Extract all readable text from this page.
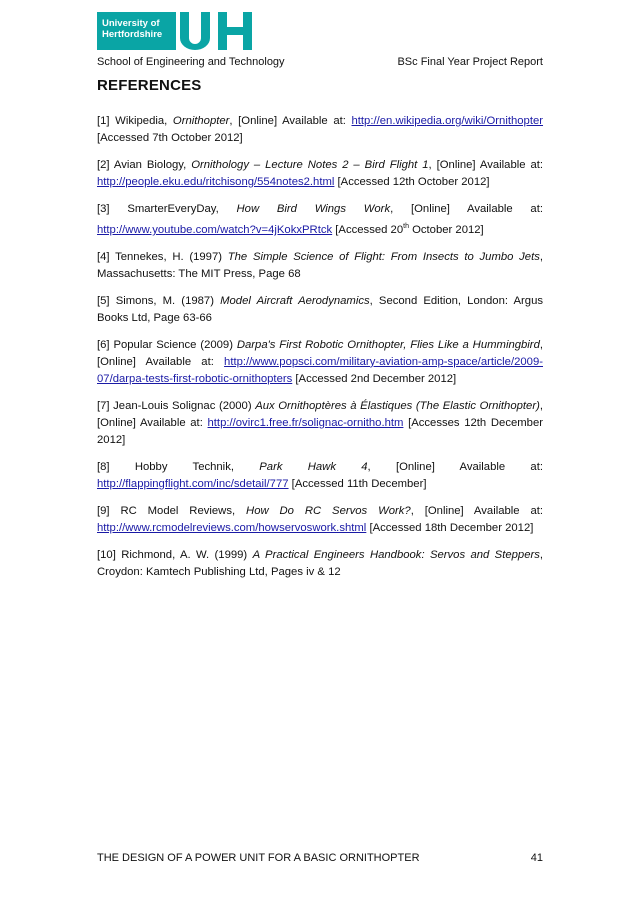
University of
Hertfordshire
School of Engineering and Technology	BSc Final Year Project Report
REFERENCES

[1] Wikipedia, Ornithopter, [Online] Available at: http://en.wikipedia.org/wiki/Ornithopter [Accessed 7th October 2012]

[2] Avian Biology, Ornithology – Lecture Notes 2 – Bird Flight 1, [Online] Available at: http://people.eku.edu/ritchisong/554notes2.html [Accessed 12th October 2012]

[3] SmarterEveryDay, How Bird Wings Work, [Online] Available at: http://www.youtube.com/watch?v=4jKokxPRtck [Accessed 20th October 2012]

[4] Tennekes, H. (1997) The Simple Science of Flight: From Insects to Jumbo Jets, Massachusetts: The MIT Press, Page 68

[5] Simons, M. (1987) Model Aircraft Aerodynamics, Second Edition, London: Argus Books Ltd, Page 63-66

[6] Popular Science (2009) Darpa's First Robotic Ornithopter, Flies Like a Hummingbird, [Online] Available at: http://www.popsci.com/military-aviation-amp-space/article/2009-07/darpa-tests-first-robotic-ornithopters [Accessed 2nd December 2012]

[7] Jean-Louis Solignac (2000) Aux Ornithoptères à Élastiques (The Elastic Ornithopter), [Online] Available at: http://ovirc1.free.fr/solignac-ornitho.htm [Accesses 12th December 2012]

[8] Hobby Technik, Park Hawk 4, [Online] Available at: http://flappingflight.com/inc/sdetail/777 [Accessed 11th December]

[9] RC Model Reviews, How Do RC Servos Work?, [Online] Available at: http://www.rcmodelreviews.com/howservoswork.shtml [Accessed 18th December 2012]

[10] Richmond, A. W. (1999) A Practical Engineers Handbook: Servos and Steppers, Croydon: Kamtech Publishing Ltd, Pages iv & 12

THE DESIGN OF A POWER UNIT FOR A BASIC ORNITHOPTER	41
